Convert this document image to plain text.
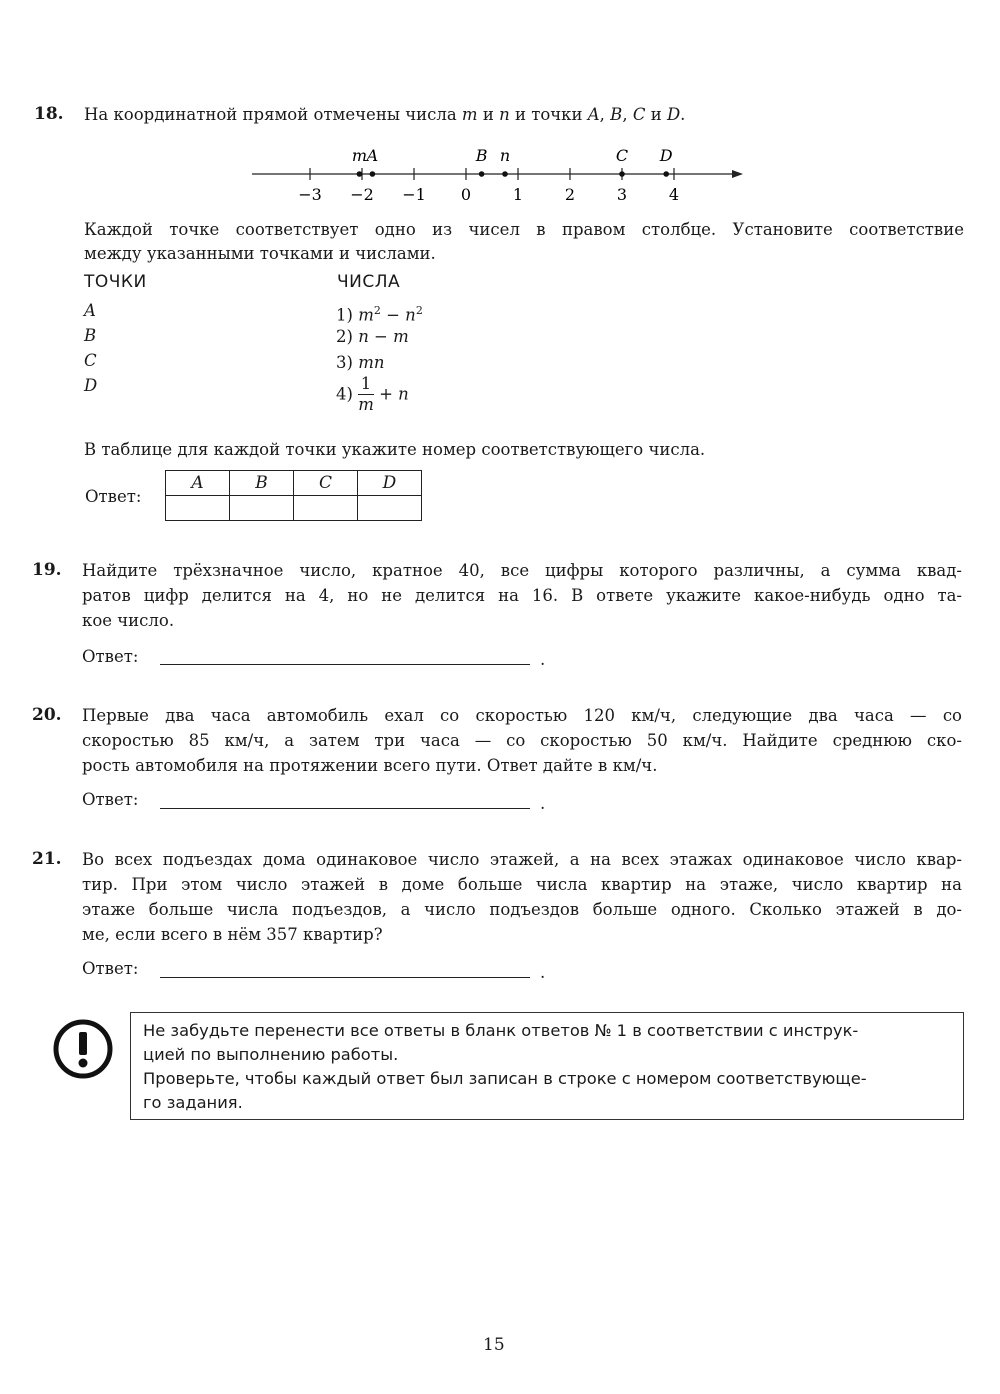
18. На координатной прямой отмечены числа m и n и точки A, B, C и D.
−3 −2 −1 0	1	2	3	4
m A	B n	C D
Каждой точке соответствует одно из чисел в правом столбце. Установите соответствие
между указанными точками и числами.
ТОЧКИ	ЧИСЛА
A
B
C
D
1) $m^2 - n^2$
2) n − m
3) mn
$4) \frac{1}{m} + n$
В таблице для каждой точки укажите номер соответствующего числа.
Ответ:
A	B	C	D

19. Найдите трёхзначное число, кратное 40, все цифры которого различны, а сумма квад-
ратов цифр делится на 4, но не делится на 16. В ответе укажите какое-нибудь одно та-
кое число.
Ответ:	.
20. Первые два часа автомобиль ехал со скоростью 120 км/ч, следующие два часа — со
скоростью 85 км/ч, а затем три часа — со скоростью 50 км/ч. Найдите среднюю ско-
рость автомобиля на протяжении всего пути. Ответ дайте в км/ч.
Ответ:	.
21. Во всех подъездах дома одинаковое число этажей, а на всех этажах одинаковое число квар-
тир. При этом число этажей в доме больше числа квартир на этаже, число квартир на
этаже больше числа подъездов, а число подъездов больше одного. Сколько этажей в до-
ме, если всего в нём 357 квартир?
Ответ:	.
Не забудьте перенести все ответы в бланк ответов № 1 в соответствии с инструк-
цией по выполнению работы.
Проверьте, чтобы каждый ответ был записан в строке с номером соответствующе-
го задания.
15
